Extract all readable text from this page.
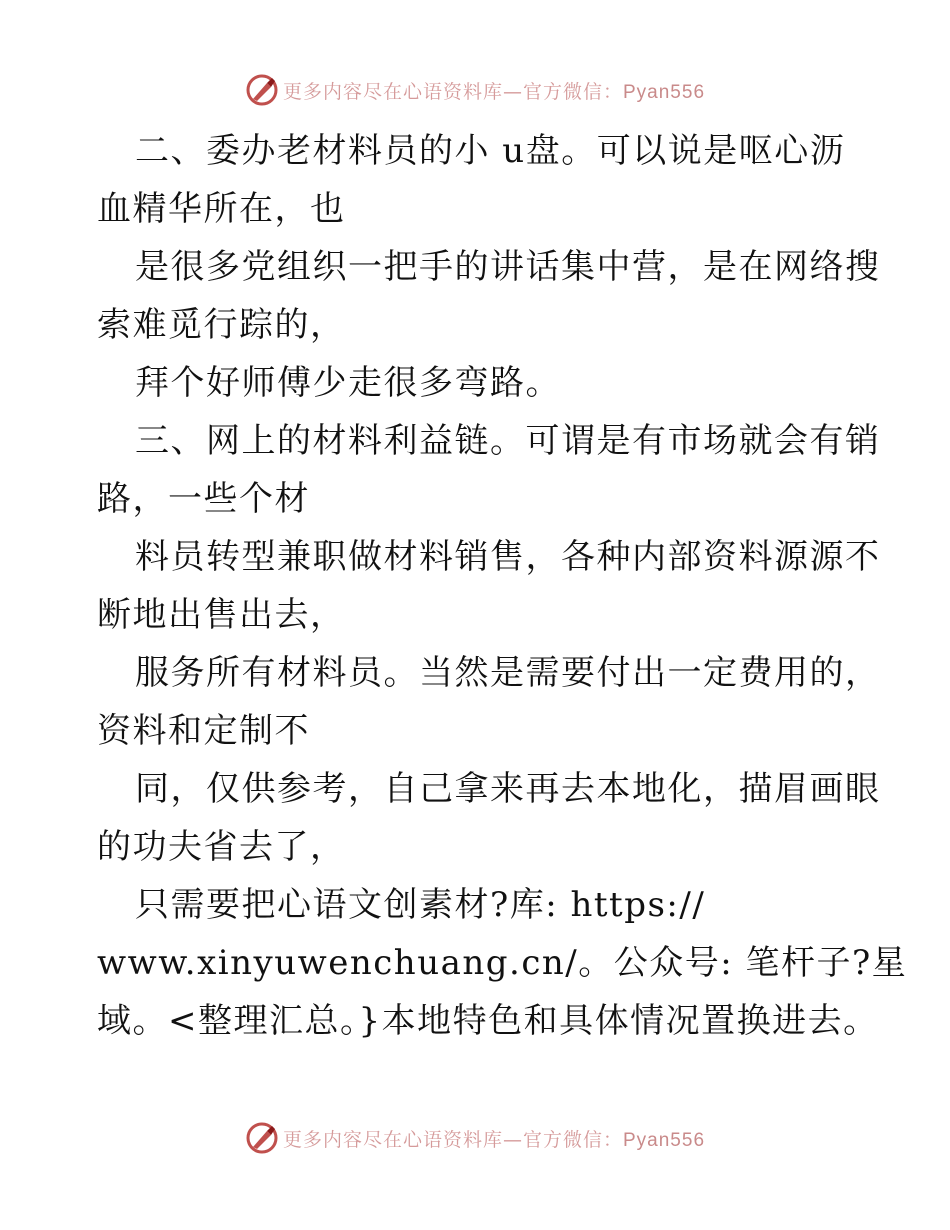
更多内容尽在心语资料库—官方微信：Pyan556
二、委办老材料员的小 u盘。可以说是呕心沥
血精华所在，也
是很多党组织一把手的讲话集中营，是在网络搜
索难觅行踪的，
拜个好师傅少走很多弯路。
三、网上的材料利益链。可谓是有市场就会有销
路，一些个材
料员转型兼职做材料销售，各种内部资料源源不
断地出售出去，
服务所有材料员。当然是需要付出一定费用的，
资料和定制不
同，仅供参考，自己拿来再去本地化，描眉画眼
的功夫省去了，
只需要把心语文创素材?库: https://
www.xinyuwenchuang.cn/。公众号: 笔杆子?星
域。<整理汇总。}本地特色和具体情况置换进去。
更多内容尽在心语资料库—官方微信：Pyan556
